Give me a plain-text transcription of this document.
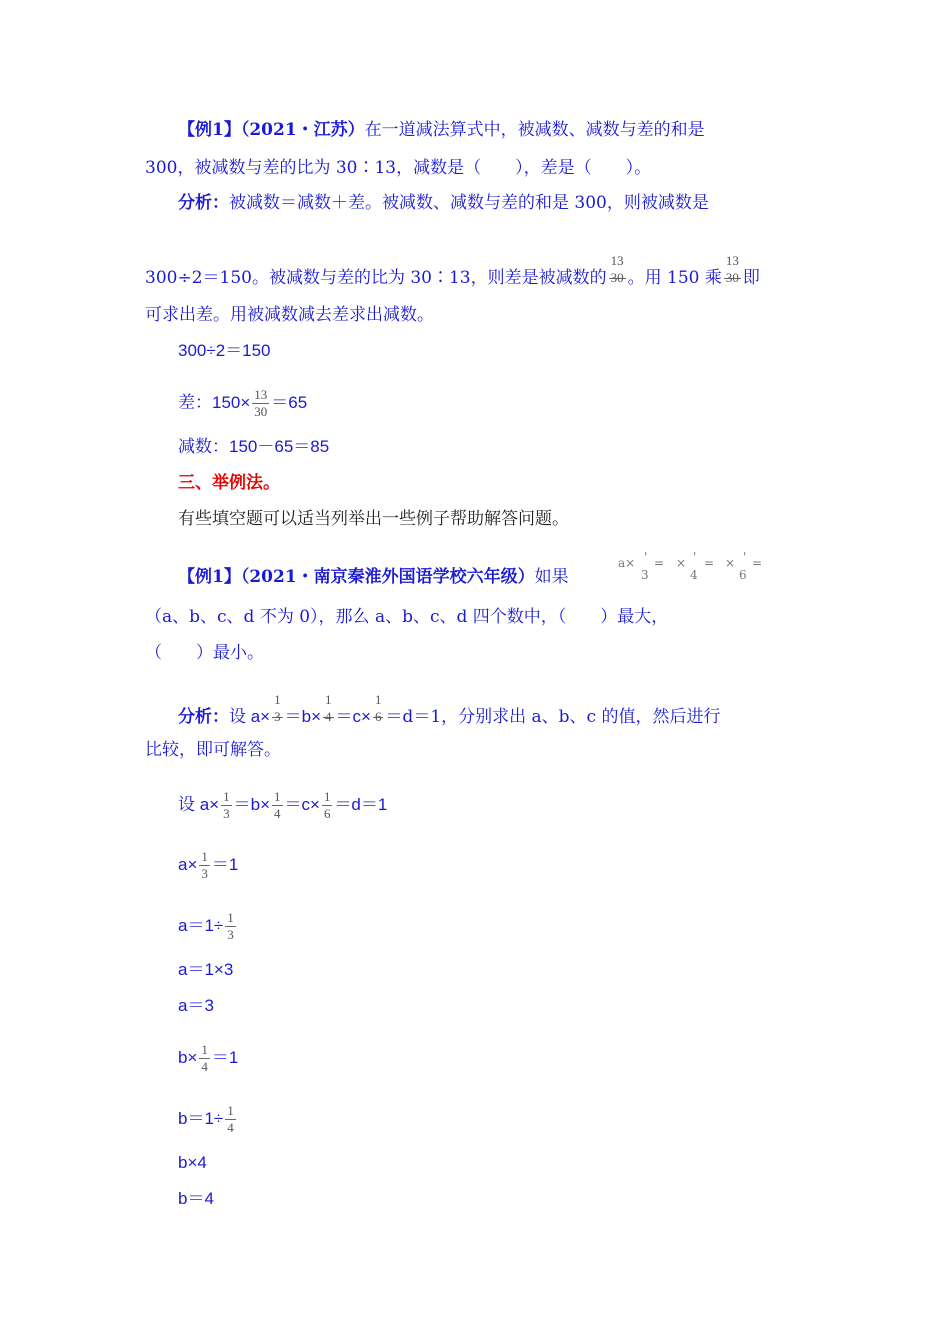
【例1】（2021・江苏）在一道减法算式中，被减数、减数与差的和是
300，被减数与差的比为 30∶13，减数是（　　），差是（　　）。
分析：被减数＝减数＋差。被减数、减数与差的和是 300，则被减数是
300÷2＝150。被减数与差的比为 30∶13，则差是被减数的 $\frac{13}{30}$ 。用 150 乘 $\frac{13}{30}$ 即
可求出差。用被减数减去差求出减数。
300÷2＝150
差：$150\times \frac{13}{30} =65$
减数：150－65＝85
三、举例法。
有些填空题可以适当列举出一些例子帮助解答问题。
【例1】（2021・南京秦淮外国语学校六年级）如果
a× '
3
= × '
4
= × '
6
=
（a、b、c、d 不为 0），那么 a、b、c、d 四个数中，（　　）最大，
（　　）最小。
分析：设 $a\times \frac{1}{3} =b\times \frac{1}{4} =c\times \frac{1}{6} =d=1$，分别求出 a、b、c 的值，然后进行
比较，即可解答。
设 $a\times \frac{1}{3} =b\times \frac{1}{4} =c\times \frac{1}{6} =d=1$
$a\times \frac{1}{3} =1$
$a=1\div \frac{1}{3}$
a＝1×3
a＝3
$b\times \frac{1}{4} =1$
$b=1\div \frac{1}{4}$
b×4
b＝4
